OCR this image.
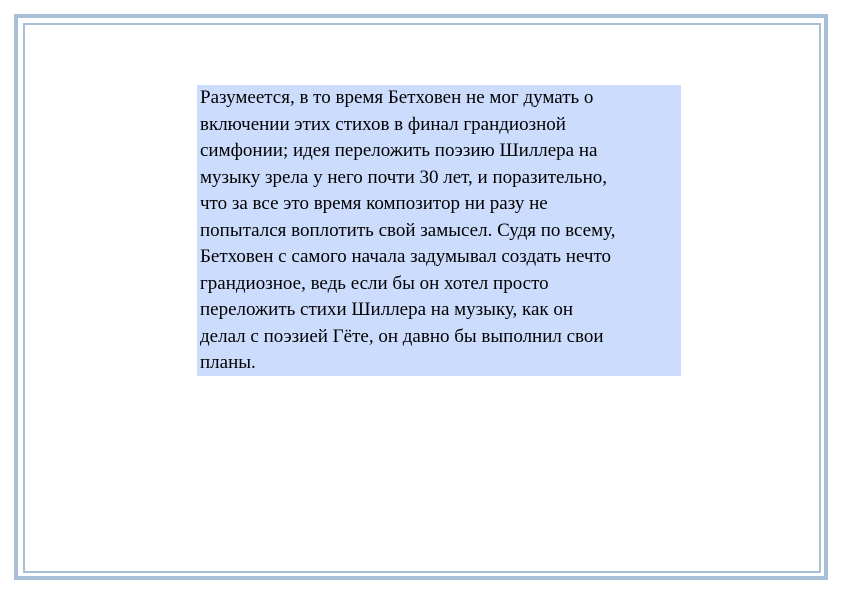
Разумеется, в то время Бетховен не мог думать о
включении этих стихов в финал грандиозной
симфонии; идея переложить поэзию Шиллера на
музыку зрела у него почти 30 лет, и поразительно,
что за все это время композитор ни разу не
попытался воплотить свой замысел. Судя по всему,
Бетховен с самого начала задумывал создать нечто
грандиозное, ведь если бы он хотел просто
переложить стихи Шиллера на музыку, как он
делал с поэзией Гёте, он давно бы выполнил свои
планы.
